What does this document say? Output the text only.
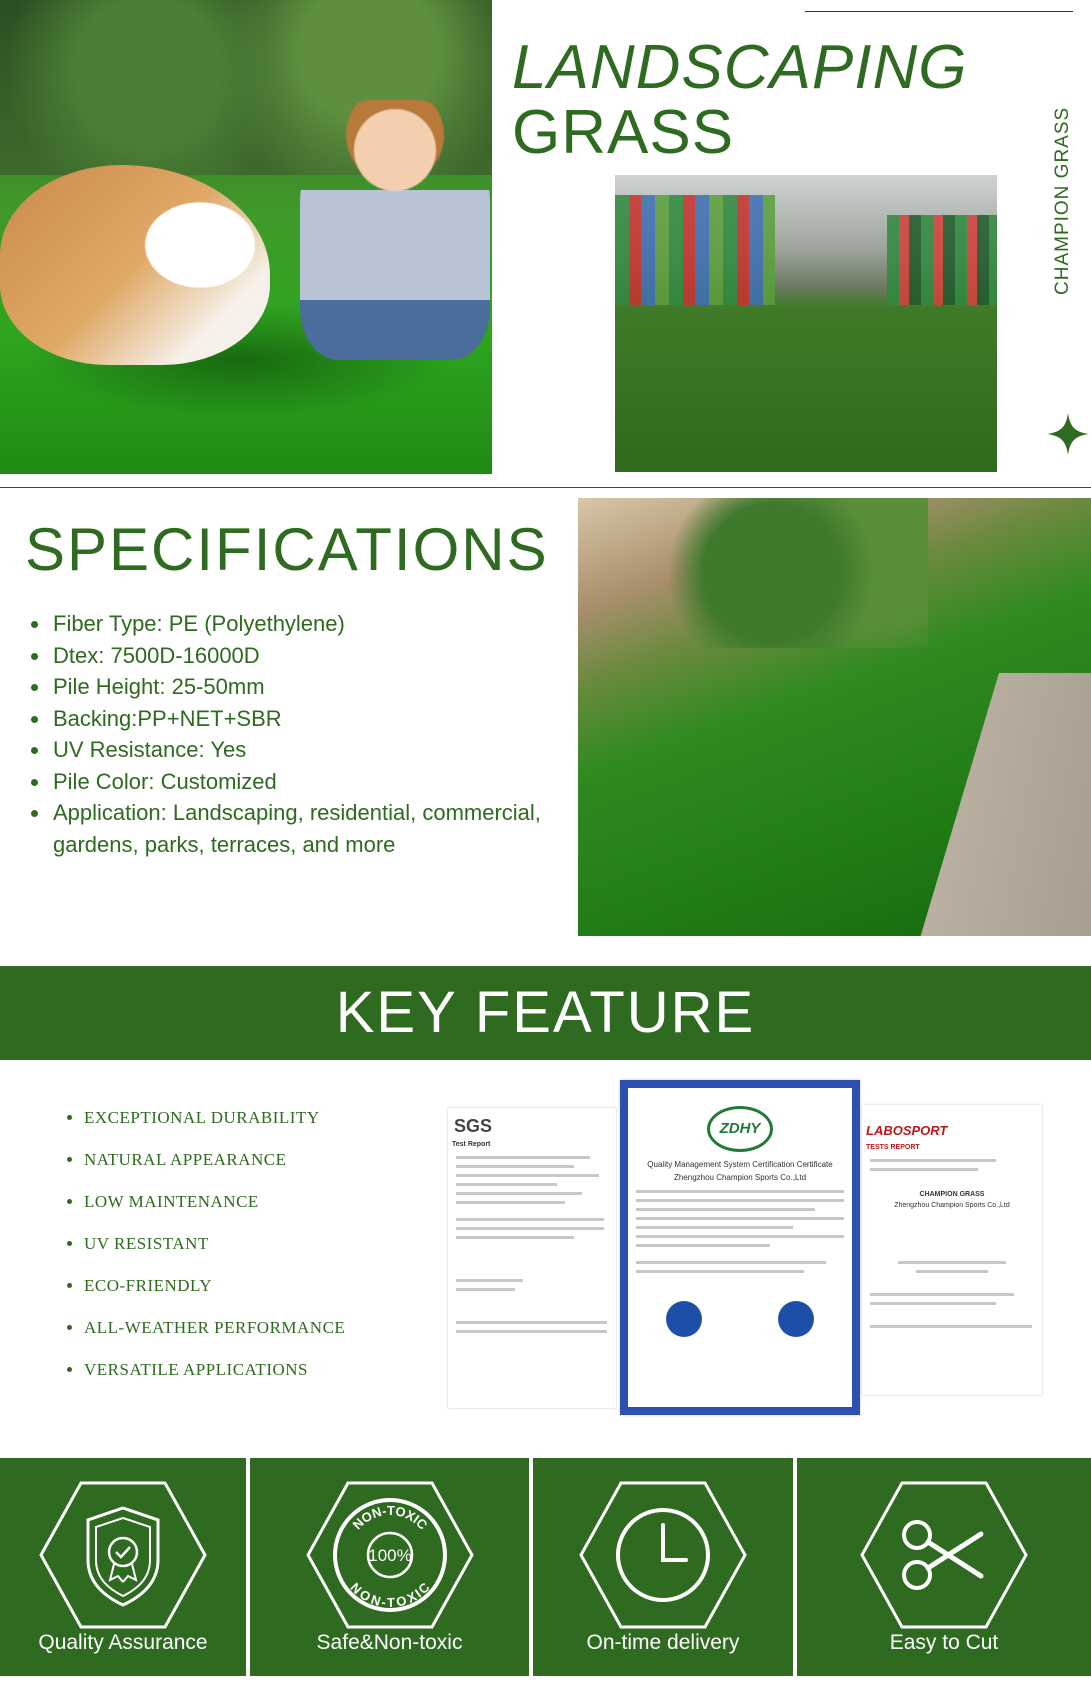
LANDSCAPING
GRASS	CHAMPION GRASS
SPECIFICATIONS
• Fiber Type: PE (Polyethylene)
• Dtex: 7500D-16000D
• Pile Height: 25-50mm
• Backing:PP+NET+SBR
• UV Resistance: Yes
• Pile Color: Customized
• Application: Landscaping, residential, commercial, gardens, parks, terraces, and more
KEY FEATURE
• EXCEPTIONAL DURABILITY
• NATURAL APPEARANCE
• LOW MAINTENANCE
• UV RESISTANT
• ECO-FRIENDLY
• ALL-WEATHER PERFORMANCE
• VERSATILE APPLICATIONS
SGS
Test Report
ZDHY
Quality Management System Certification Certificate
Zhengzhou Champion Sports Co.,Ltd
LABOSPORT
TESTS REPORT
CHAMPION GRASS
Zhengzhou Champion Sports Co.,Ltd
Quality Assurance
NON-TOXIC
NON-TOXIC
100%
Safe&Non-toxic	On-time delivery	Easy to Cut
